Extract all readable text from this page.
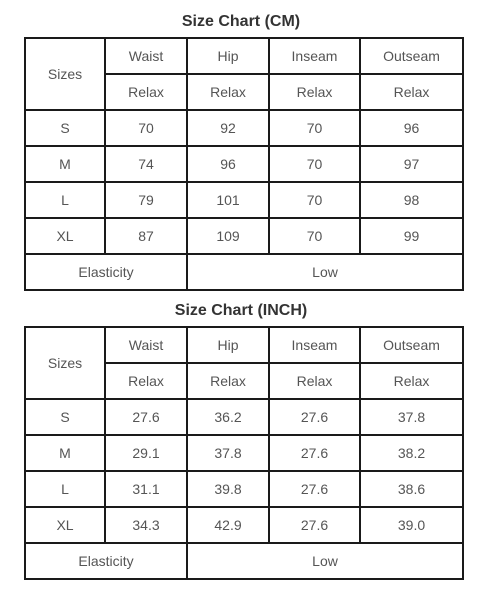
Size Chart (CM)
Sizes	Waist	Hip	Inseam	Outseam
	Relax	Relax	Relax	Relax
S	70	92	70	96
M	74	96	70	97
L	79	101	70	98
XL	87	109	70	99
Elasticity		Low		
Size Chart (INCH)
Sizes	Waist	Hip	Inseam	Outseam
	Relax	Relax	Relax	Relax
S	27.6	36.2	27.6	37.8
M	29.1	37.8	27.6	38.2
L	31.1	39.8	27.6	38.6
XL	34.3	42.9	27.6	39.0
Elasticity		Low		
